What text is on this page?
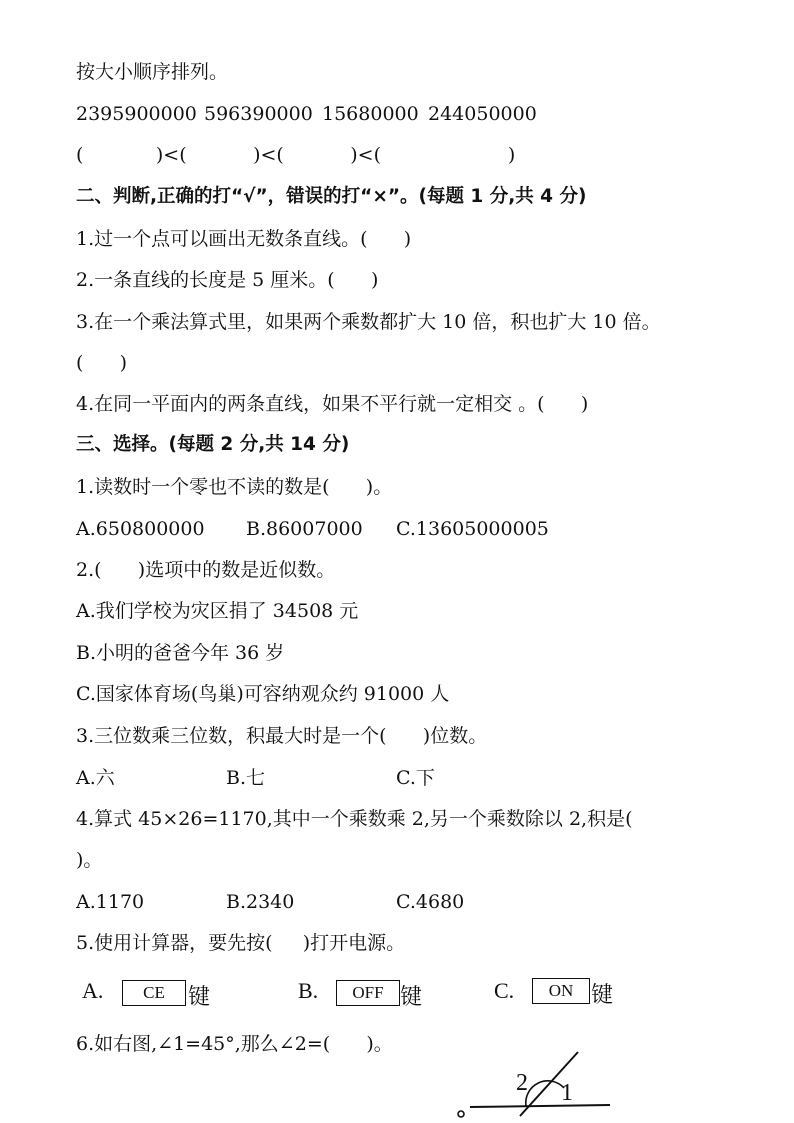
按大小顺序排列。
2395900000 596390000 15680000 244050000
(            )<(           )<(           )<(                     )
二、判断,正确的打“√”，错误的打“×”。(每题 1 分,共 4 分)
1.过一个点可以画出无数条直线。(      )
2.一条直线的长度是 5 厘米。(      )
3.在一个乘法算式里，如果两个乘数都扩大 10 倍，积也扩大 10 倍。
(      )
4.在同一平面内的两条直线，如果不平行就一定相交 。(      )
三、选择。(每题 2 分,共 14 分)
1.读数时一个零也不读的数是(      )。
A.650800000 B.86007000 C.13605000005
2.(      )选项中的数是近似数。
A.我们学校为灾区捐了 34508 元
B.小明的爸爸今年 36 岁
C.国家体育场(鸟巢)可容纳观众约 91000 人
3.三位数乘三位数，积最大时是一个(      )位数。
A.六	B.七	C.下
4.算式 45×26=1170,其中一个乘数乘 2,另一个乘数除以 2,积是(
)。
A.1170	B.2340	C.4680
5.使用计算器，要先按(     )打开电源。
A.	CE	键	B.	OFF 键	C.	ON 键
6.如右图,∠1=45°,那么∠2=(      )。
2 1
